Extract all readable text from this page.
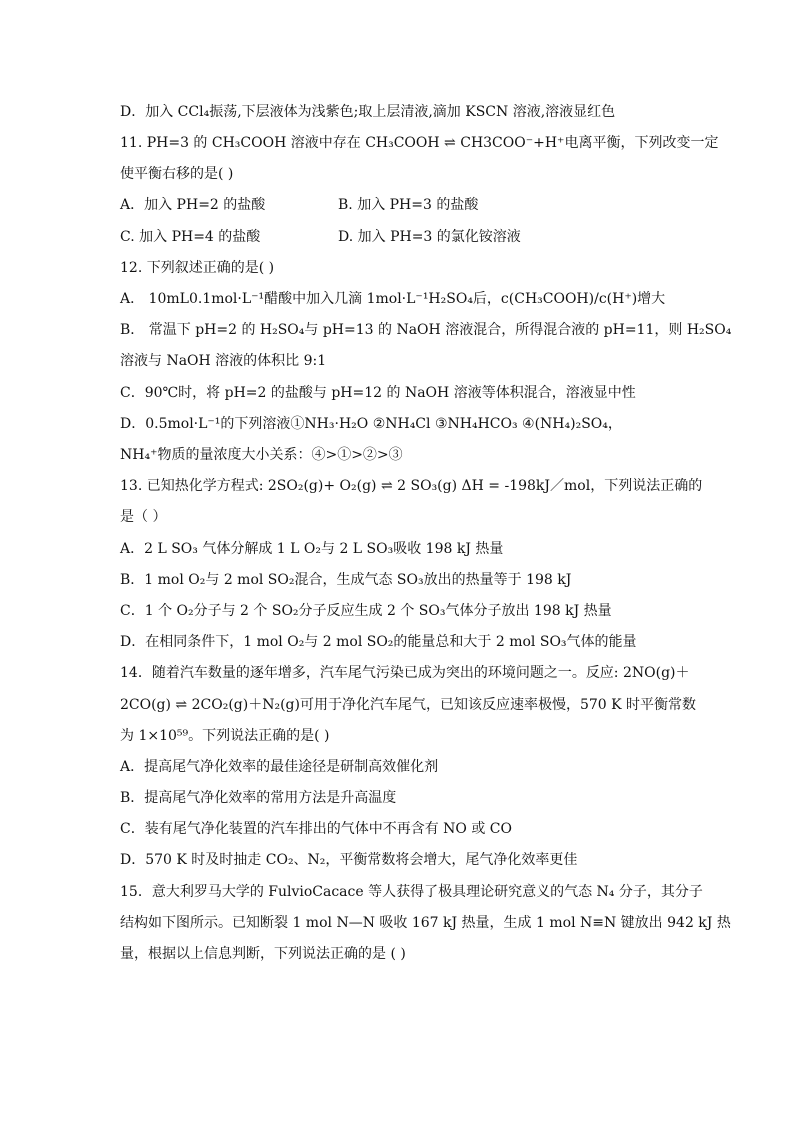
D．加入 CCl₄振荡,下层液体为浅紫色;取上层清液,滴加 KSCN 溶液,溶液显红色
11. PH=3 的 CH₃COOH 溶液中存在 CH₃COOH ⇌ CH3COO⁻+H⁺电离平衡，下列改变一定
使平衡右移的是( )
A．加入 PH=2 的盐酸	B. 加入 PH=3 的盐酸
C. 加入 PH=4 的盐酸	D. 加入 PH=3 的氯化铵溶液
12. 下列叙述正确的是( )
A． 10mL0.1mol·L⁻¹醋酸中加入几滴 1mol·L⁻¹H₂SO₄后，c(CH₃COOH)/c(H⁺)增大
B． 常温下 pH=2 的 H₂SO₄与 pH=13 的 NaOH 溶液混合，所得混合液的 pH=11，则 H₂SO₄
溶液与 NaOH 溶液的体积比 9:1
C．90℃时，将 pH=2 的盐酸与 pH=12 的 NaOH 溶液等体积混合，溶液显中性
D．0.5mol·L⁻¹的下列溶液①NH₃·H₂O ②NH₄Cl ③NH₄HCO₃ ④(NH₄)₂SO₄，
NH₄⁺物质的量浓度大小关系：④>①>②>③
13. 已知热化学方程式: 2SO₂(g)+ O₂(g) ⇌ 2 SO₃(g) ΔH = -198kJ／mol，下列说法正确的
是（ ）
A．2 L SO₃ 气体分解成 1 L O₂与 2 L SO₃吸收 198 kJ 热量
B．1 mol O₂与 2 mol SO₂混合，生成气态 SO₃放出的热量等于 198 kJ
C．1 个 O₂分子与 2 个 SO₂分子反应生成 2 个 SO₃气体分子放出 198 kJ 热量
D．在相同条件下，1 mol O₂与 2 mol SO₂的能量总和大于 2 mol SO₃气体的能量
14．随着汽车数量的逐年增多，汽车尾气污染已成为突出的环境问题之一。反应: 2NO(g)＋
2CO(g) ⇌ 2CO₂(g)＋N₂(g)可用于净化汽车尾气，已知该反应速率极慢，570 K 时平衡常数
为 1×10⁵⁹。下列说法正确的是( )
A．提高尾气净化效率的最佳途径是研制高效催化剂
B．提高尾气净化效率的常用方法是升高温度
C．装有尾气净化装置的汽车排出的气体中不再含有 NO 或 CO
D．570 K 时及时抽走 CO₂、N₂，平衡常数将会增大，尾气净化效率更佳
15．意大利罗马大学的 FulvioCacace 等人获得了极具理论研究意义的气态 N₄ 分子，其分子
结构如下图所示。已知断裂 1 mol N—N 吸收 167 kJ 热量，生成 1 mol N≡N 键放出 942 kJ 热
量，根据以上信息判断，下列说法正确的是 ( )
